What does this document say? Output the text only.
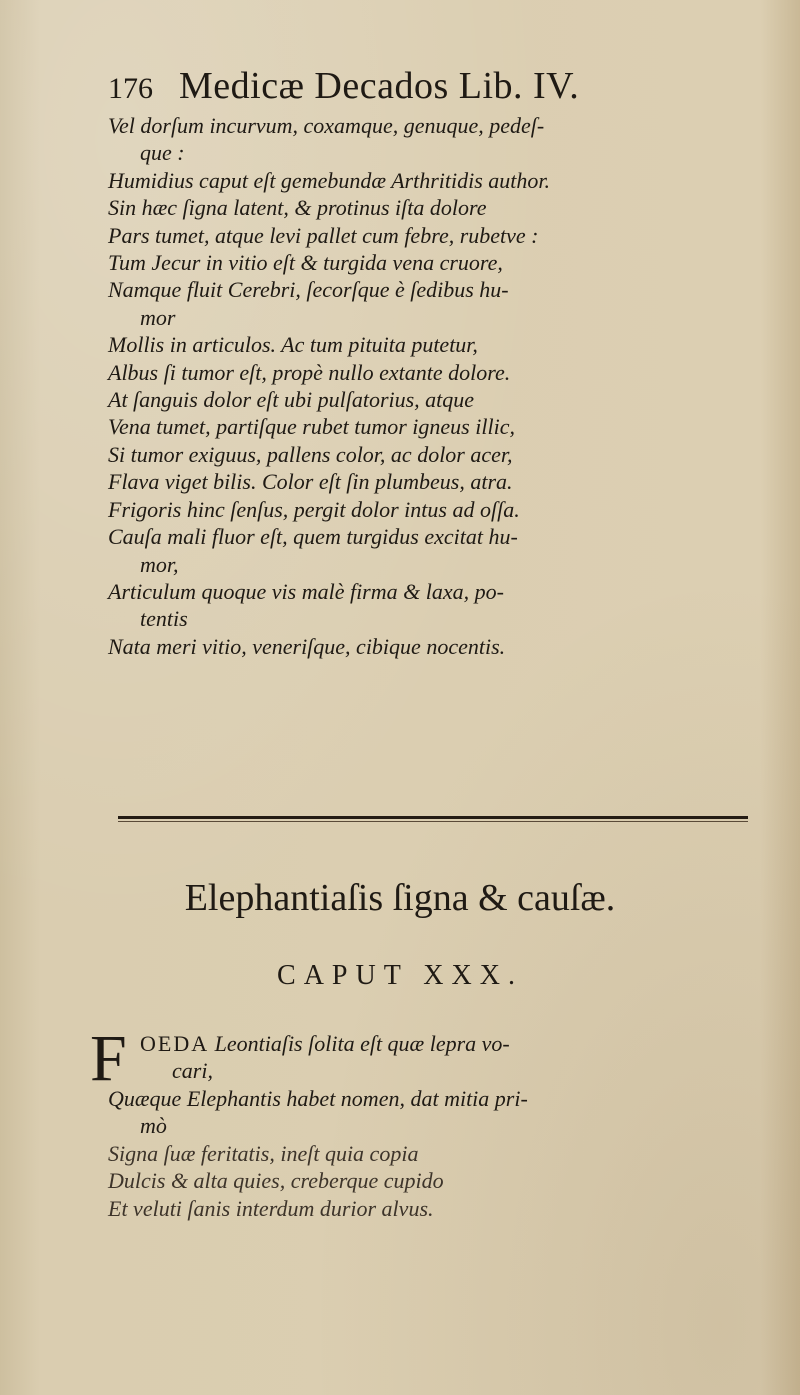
176 Medicæ Decados Lib. IV.
Vel dorſum incurvum, coxamque, genuque, pedeſ-
que :
Humidius caput eſt gemebundæ Arthritidis author.
Sin hæc ſigna latent, & protinus iſta dolore
Pars tumet, atque levi pallet cum febre, rubetve :
Tum Jecur in vitio eſt & turgida vena cruore,
Namque fluit Cerebri, ſecorſque è ſedibus hu-
mor
Mollis in articulos. Ac tum pituita putetur,
Albus ſi tumor eſt, propè nullo extante dolore.
At ſanguis dolor eſt ubi pulſatorius, atque
Vena tumet, partiſque rubet tumor igneus illic,
Si tumor exiguus, pallens color, ac dolor acer,
Flava viget bilis. Color eſt ſin plumbeus, atra.
Frigoris hinc ſenſus, pergit dolor intus ad oſſa.
Cauſa mali fluor eſt, quem turgidus excitat hu-
mor,
Articulum quoque vis malè firma & laxa, po-
tentis
Nata meri vitio, veneriſque, cibique nocentis.
Elephantiaſis ſigna & cauſæ.
CAPUT XXX.
F OEDA Leontiaſis ſolita eſt quæ lepra vo-
cari,
Quæque Elephantis habet nomen, dat mitia pri-
mò
Signa ſuæ feritatis, ineſt quia copia
Dulcis & alta quies, creberque cupido
Et veluti ſanis interdum durior alvus.
